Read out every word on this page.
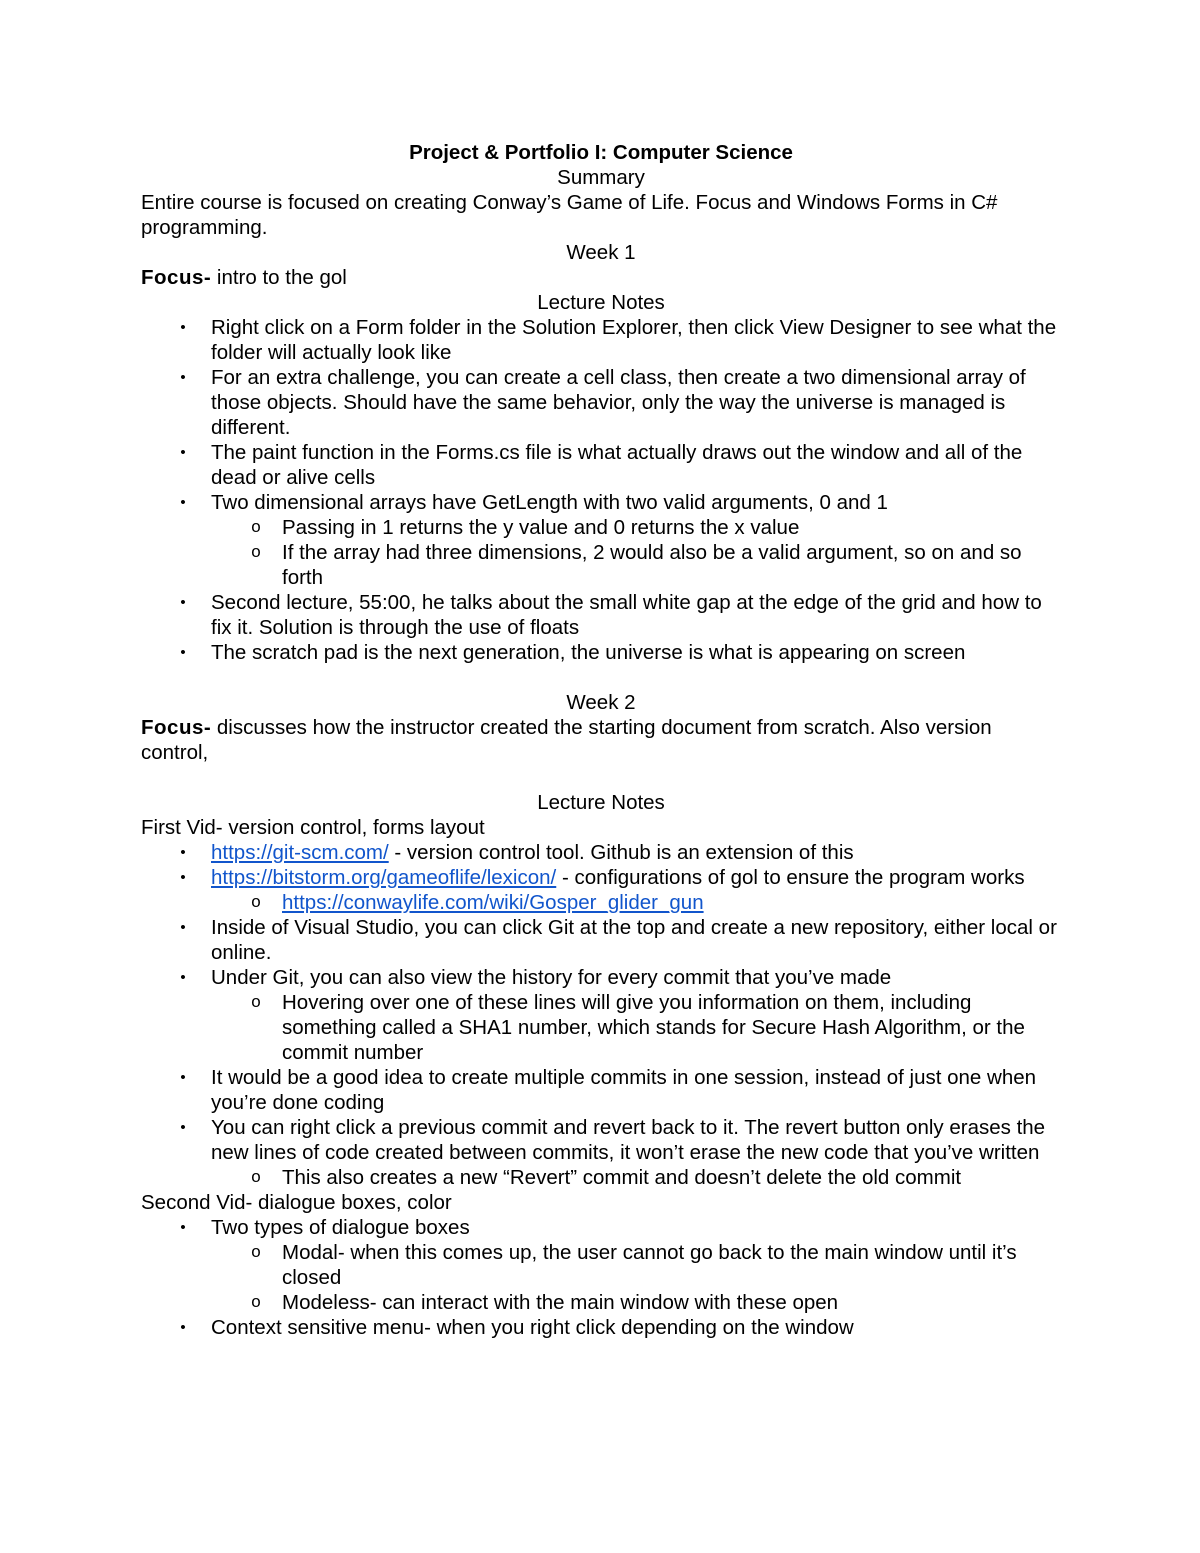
Project & Portfolio I: Computer Science
Summary

Entire course is focused on creating Conway’s Game of Life. Focus and Windows Forms in C# programming.

Week 1
Focus- intro to the gol
Lecture Notes
•	Right click on a Form folder in the Solution Explorer, then click View Designer to see what the folder will actually look like
•	For an extra challenge, you can create a cell class, then create a two dimensional array of those objects. Should have the same behavior, only the way the universe is managed is different.
•	The paint function in the Forms.cs file is what actually draws out the window and all of the dead or alive cells
•	Two dimensional arrays have GetLength with two valid arguments, 0 and 1
o Passing in 1 returns the y value and 0 returns the x value
o If the array had three dimensions, 2 would also be a valid argument, so on and so forth
•	Second lecture, 55:00, he talks about the small white gap at the edge of the grid and how to fix it. Solution is through the use of floats
•	The scratch pad is the next generation, the universe is what is appearing on screen
Week 2
Focus- discusses how the instructor created the starting document from scratch. Also version control,
Lecture Notes
First Vid- version control, forms layout
•	https://git-scm.com/ - version control tool. Github is an extension of this
•	https://bitstorm.org/gameoflife/lexicon/ - configurations of gol to ensure the program works
o https://conwaylife.com/wiki/Gosper_glider_gun
•	Inside of Visual Studio, you can click Git at the top and create a new repository, either local or online.
•	Under Git, you can also view the history for every commit that you’ve made
o Hovering over one of these lines will give you information on them, including something called a SHA1 number, which stands for Secure Hash Algorithm, or the commit number
•	It would be a good idea to create multiple commits in one session, instead of just one when you’re done coding
•	You can right click a previous commit and revert back to it. The revert button only erases the new lines of code created between commits, it won’t erase the new code that you’ve written
o This also creates a new “Revert” commit and doesn’t delete the old commit
Second Vid- dialogue boxes, color
•	Two types of dialogue boxes
o Modal- when this comes up, the user cannot go back to the main window until it’s closed
o Modeless- can interact with the main window with these open
•	Context sensitive menu- when you right click depending on the window
